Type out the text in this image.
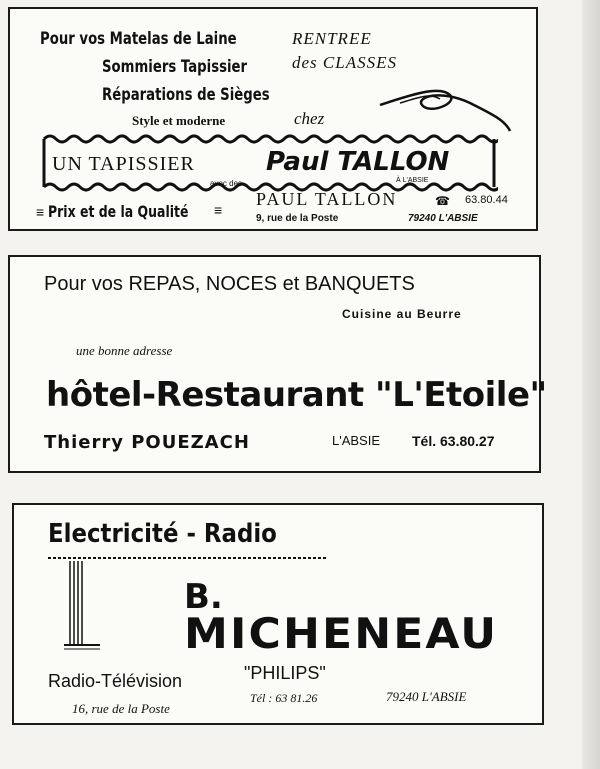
Pour vos Matelas de Laine
Sommiers Tapissier
Réparations de Sièges
Style et moderne
RENTREE
des CLASSES
chez
UN TAPISSIER	Paul TALLON
À L'ABSIE
avec des
≡ Prix et de la Qualité	≡
PAUL TALLON	☎ 63.80.44
9, rue de la Poste	79240 L'ABSIE
Pour vos REPAS, NOCES et BANQUETS
Cuisine au Beurre
une bonne adresse
hôtel-Restaurant "L'Etoile"
Thierry POUEZACH	L'ABSIE Tél. 63.80.27
Electricité - Radio
B.
MICHENEAU
Radio-Télévision	"PHILIPS"
Tél : 63 81.26	79240 L'ABSIE
16, rue de la Poste
